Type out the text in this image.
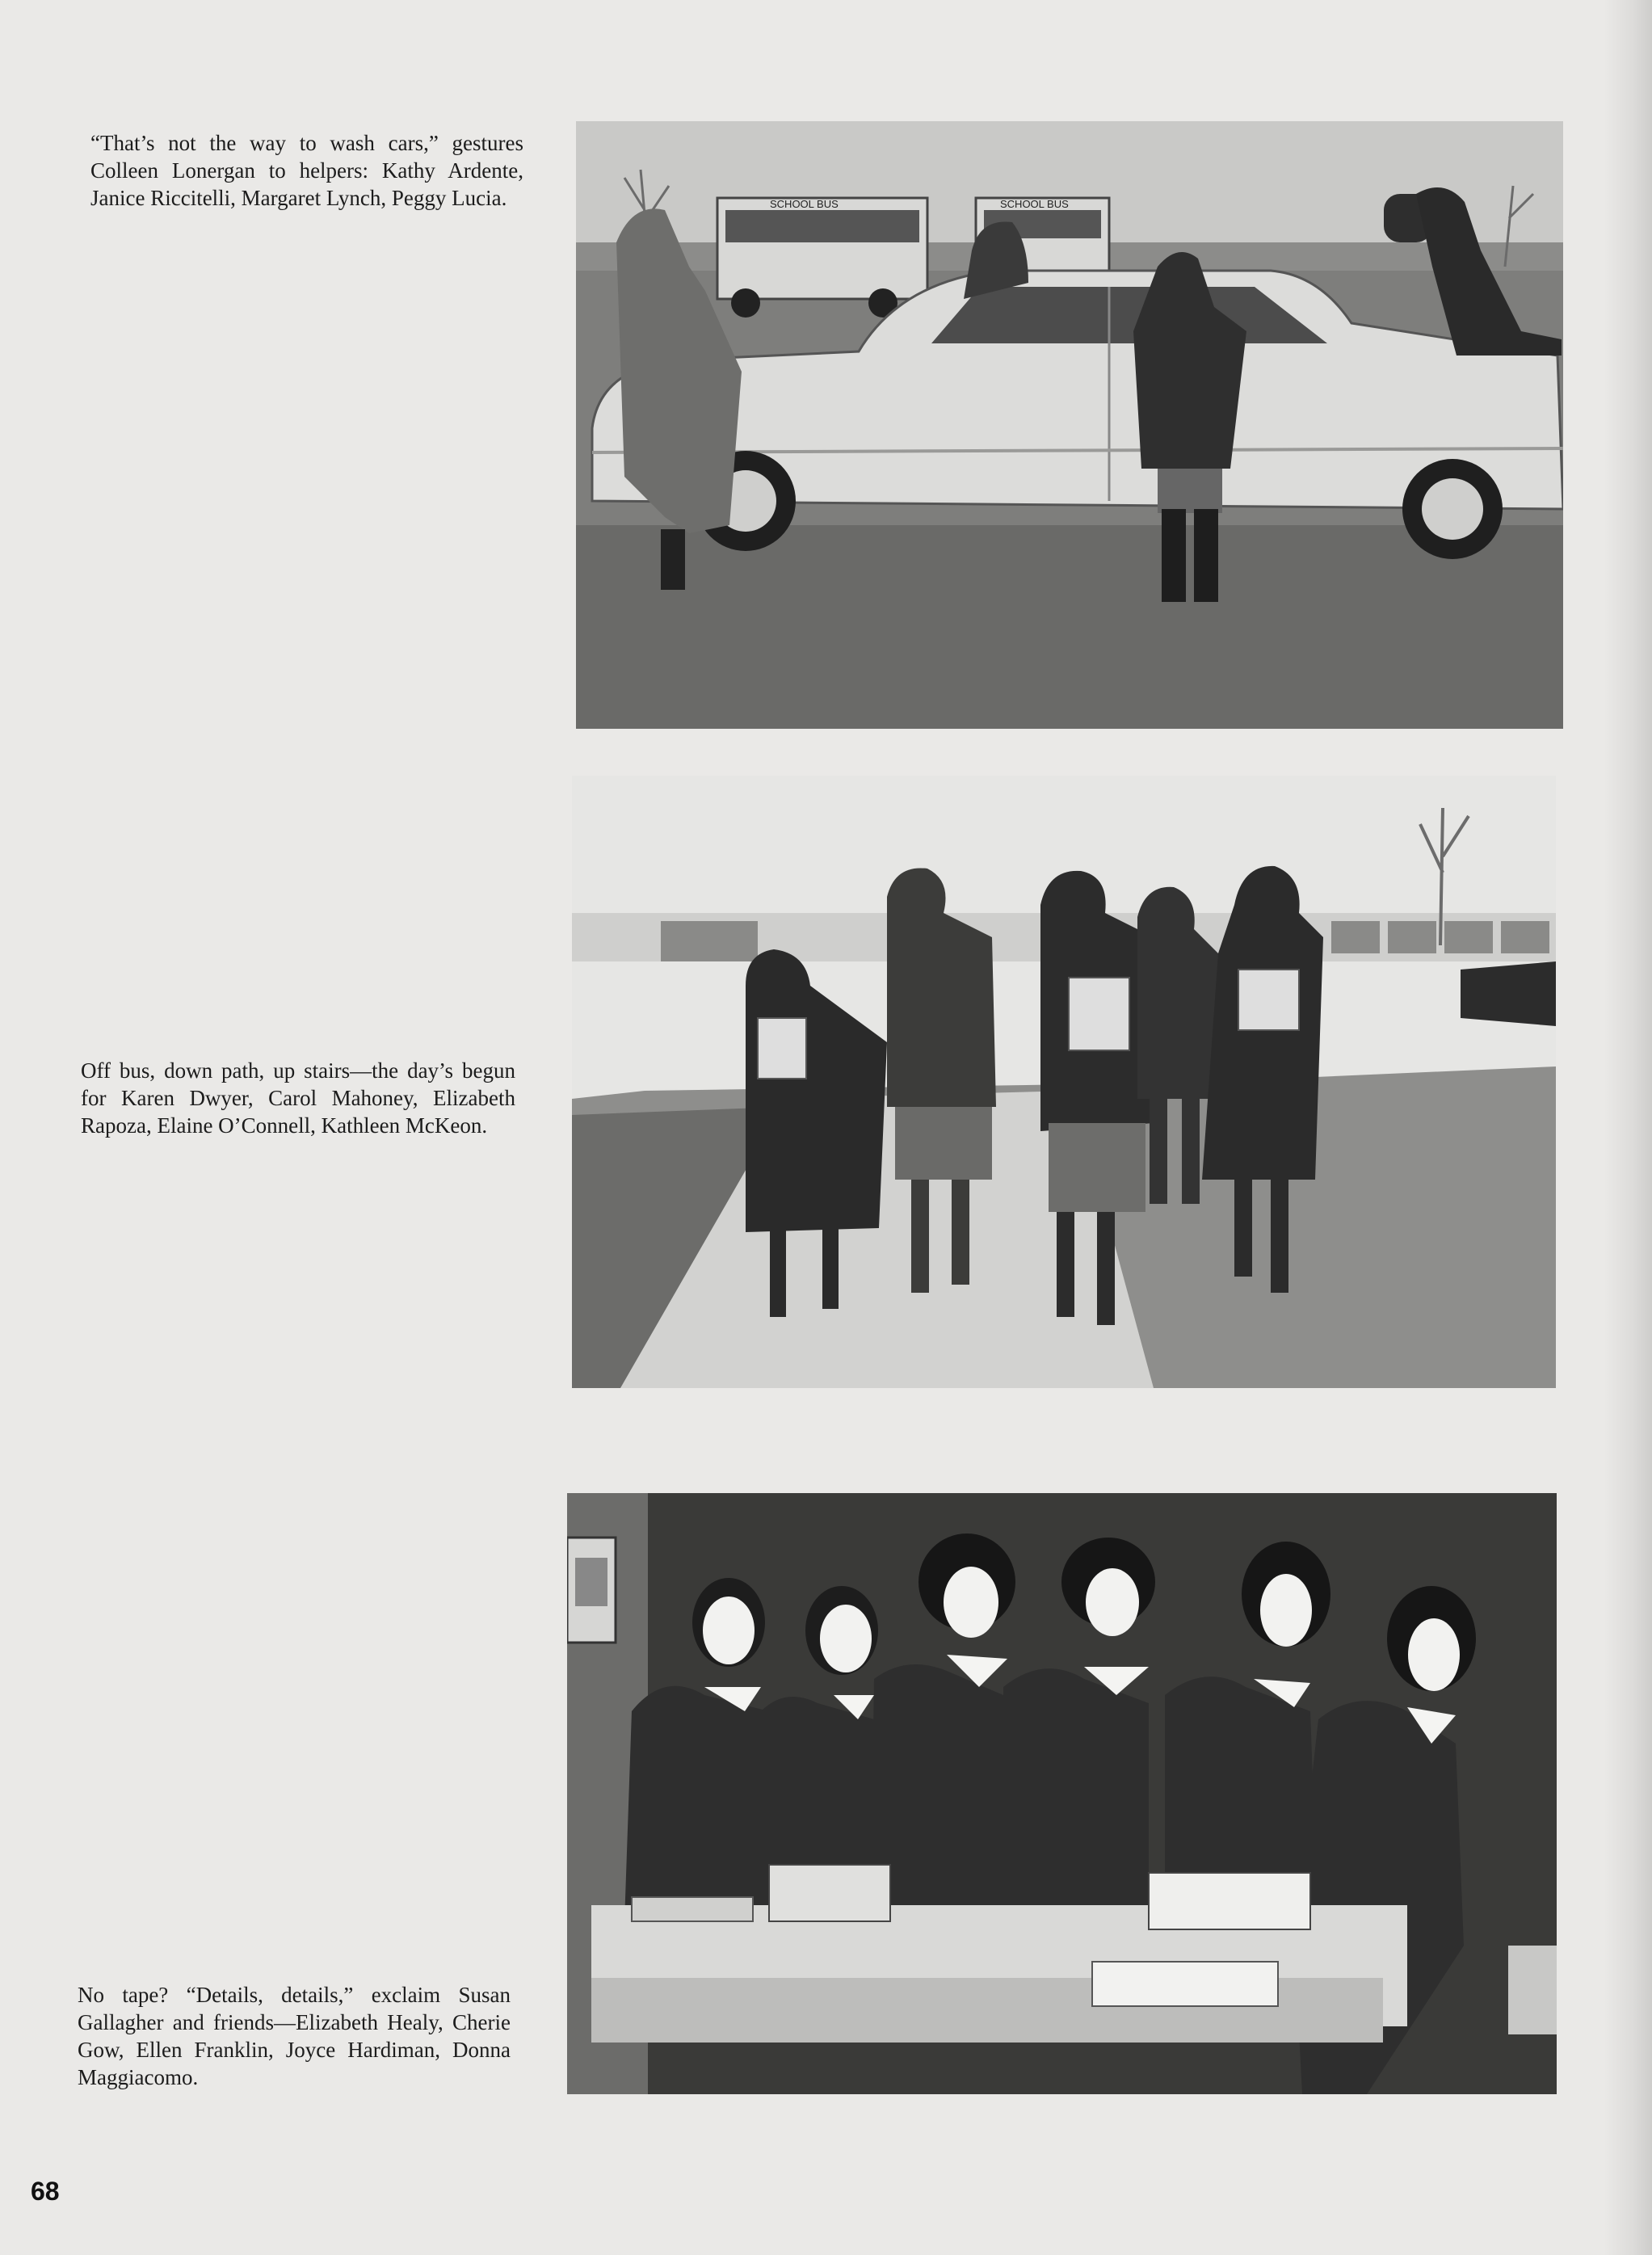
“That’s not the way to wash cars,” gestures Colleen Lonergan to helpers: Kathy Ardente, Janice Riccitelli, Margaret Lynch, Peggy Lucia.	SCHOOL BUS	SCHOOL BUS

Off bus, down path, up stairs—the day’s begun for Karen Dwyer, Carol Mahoney, Elizabeth Rapoza, Elaine O’Connell, Kathleen McKeon.

No tape? “Details, details,” exclaim Susan Gallagher and friends—Elizabeth Healy, Cherie Gow, Ellen Franklin, Joyce Hardiman, Donna Maggiacomo.

68
